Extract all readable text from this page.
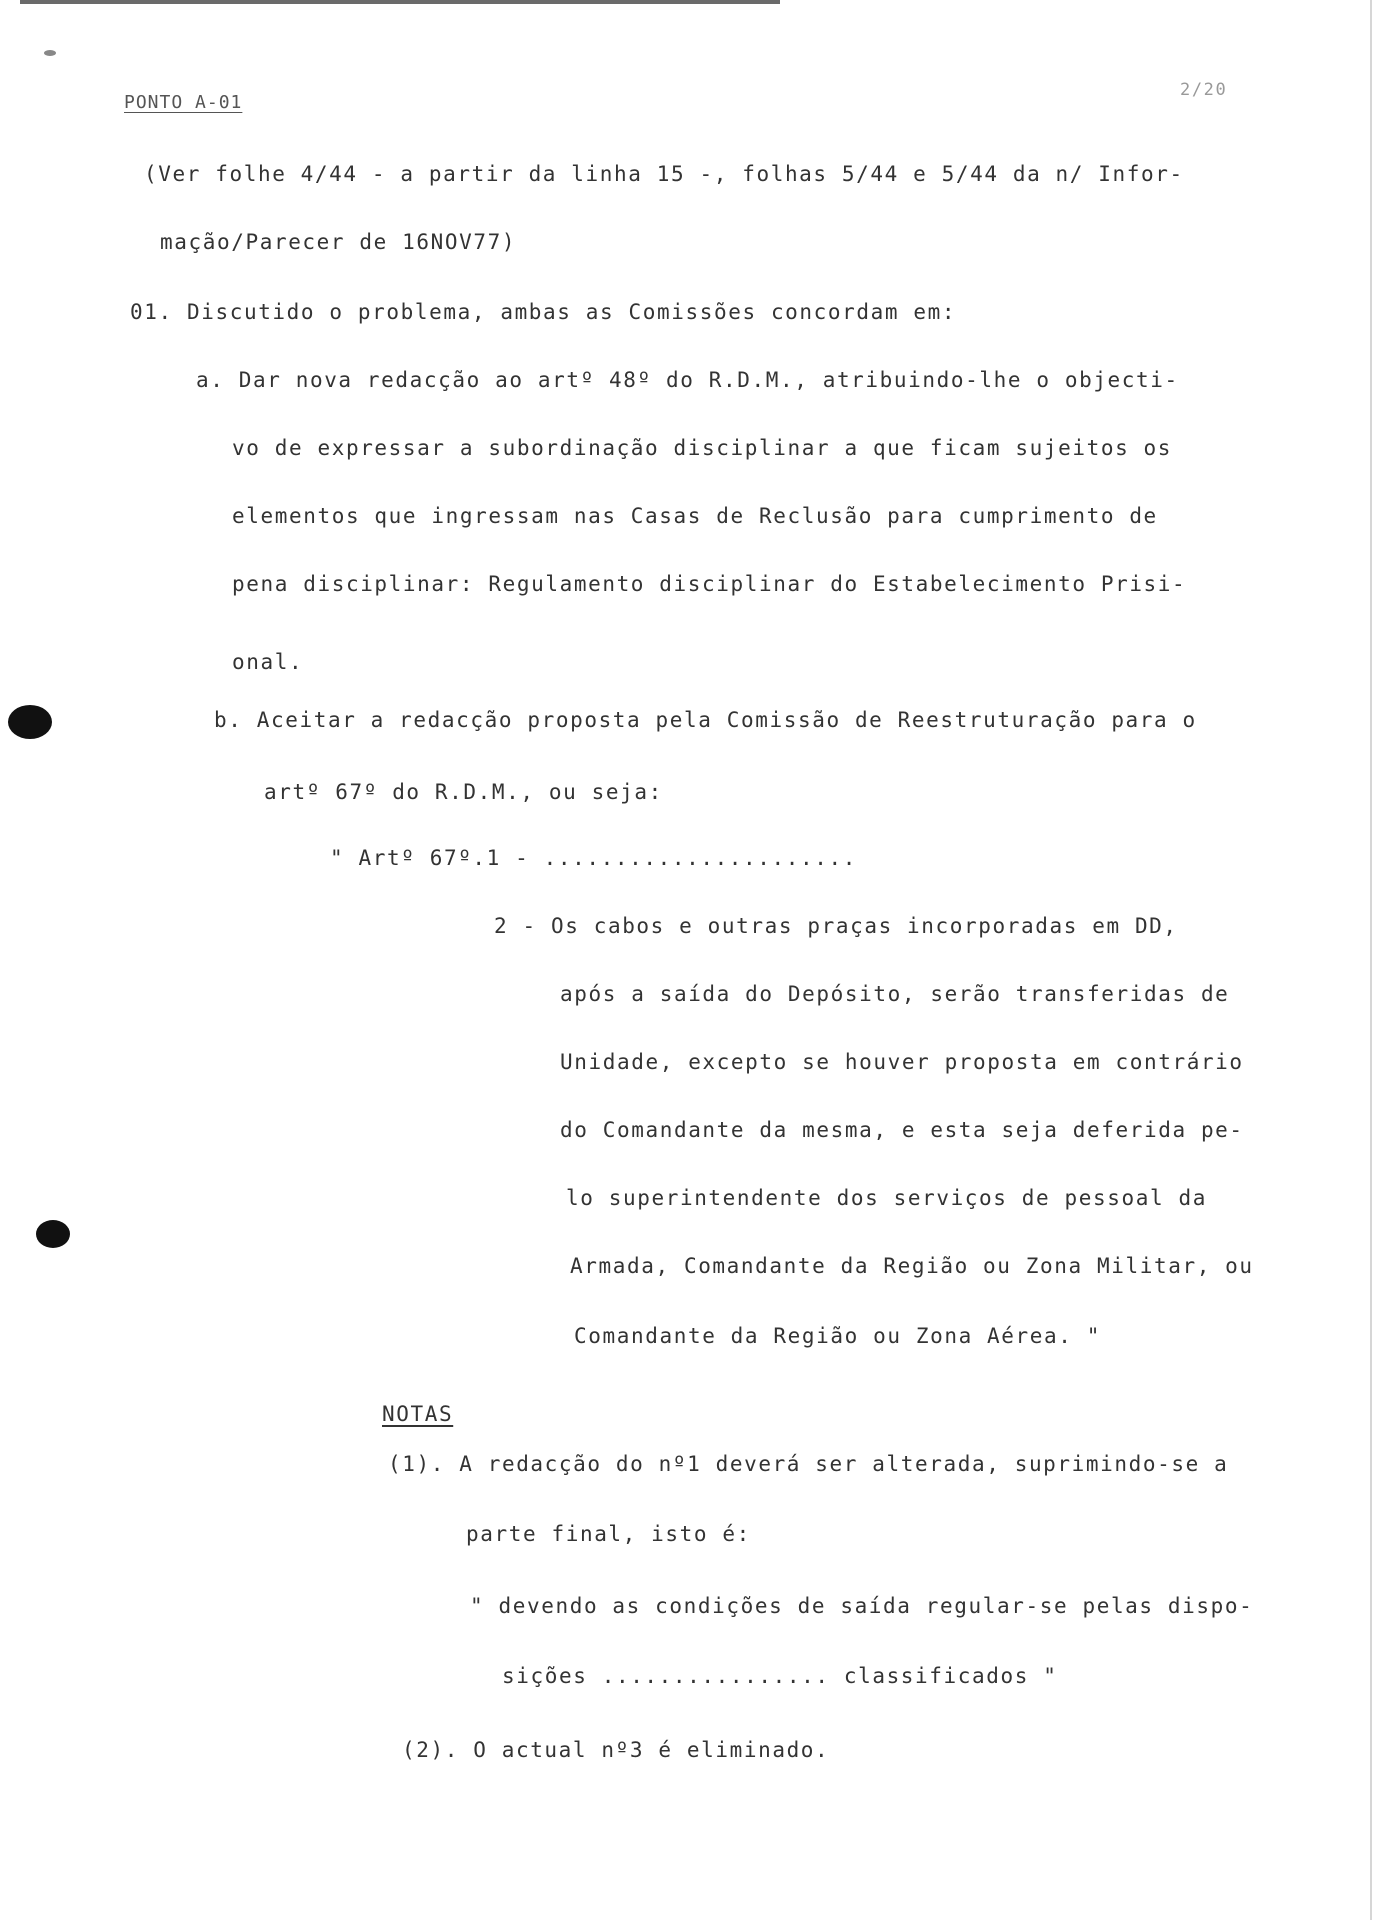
PONTO A-01
2/20
(Ver folhe 4/44 - a partir da linha 15 -, folhas 5/44 e 5/44 da n/ Infor-
mação/Parecer de 16NOV77)
01. Discutido o problema, ambas as Comissões concordam em:
a. Dar nova redacção ao artº 48º do R.D.M., atribuindo-lhe o objecti-
vo de expressar a subordinação disciplinar a que ficam sujeitos os
elementos que ingressam nas Casas de Reclusão para cumprimento de
pena disciplinar: Regulamento disciplinar do Estabelecimento Prisi-
onal.
b. Aceitar a redacção proposta pela Comissão de Reestruturação para o
artº 67º do R.D.M., ou seja:
" Artº 67º.1 - ......................
2 - Os cabos e outras praças incorporadas em DD,
após a saída do Depósito, serão transferidas de
Unidade, excepto se houver proposta em contrário
do Comandante da mesma, e esta seja deferida pe-
lo superintendente dos serviços de pessoal da
Armada, Comandante da Região ou Zona Militar, ou
Comandante da Região ou Zona Aérea. "
NOTAS
(1). A redacção do nº1 deverá ser alterada, suprimindo-se a
parte final, isto é:
" devendo as condições de saída regular-se pelas dispo-
sições ................ classificados "
(2). O actual nº3 é eliminado.
